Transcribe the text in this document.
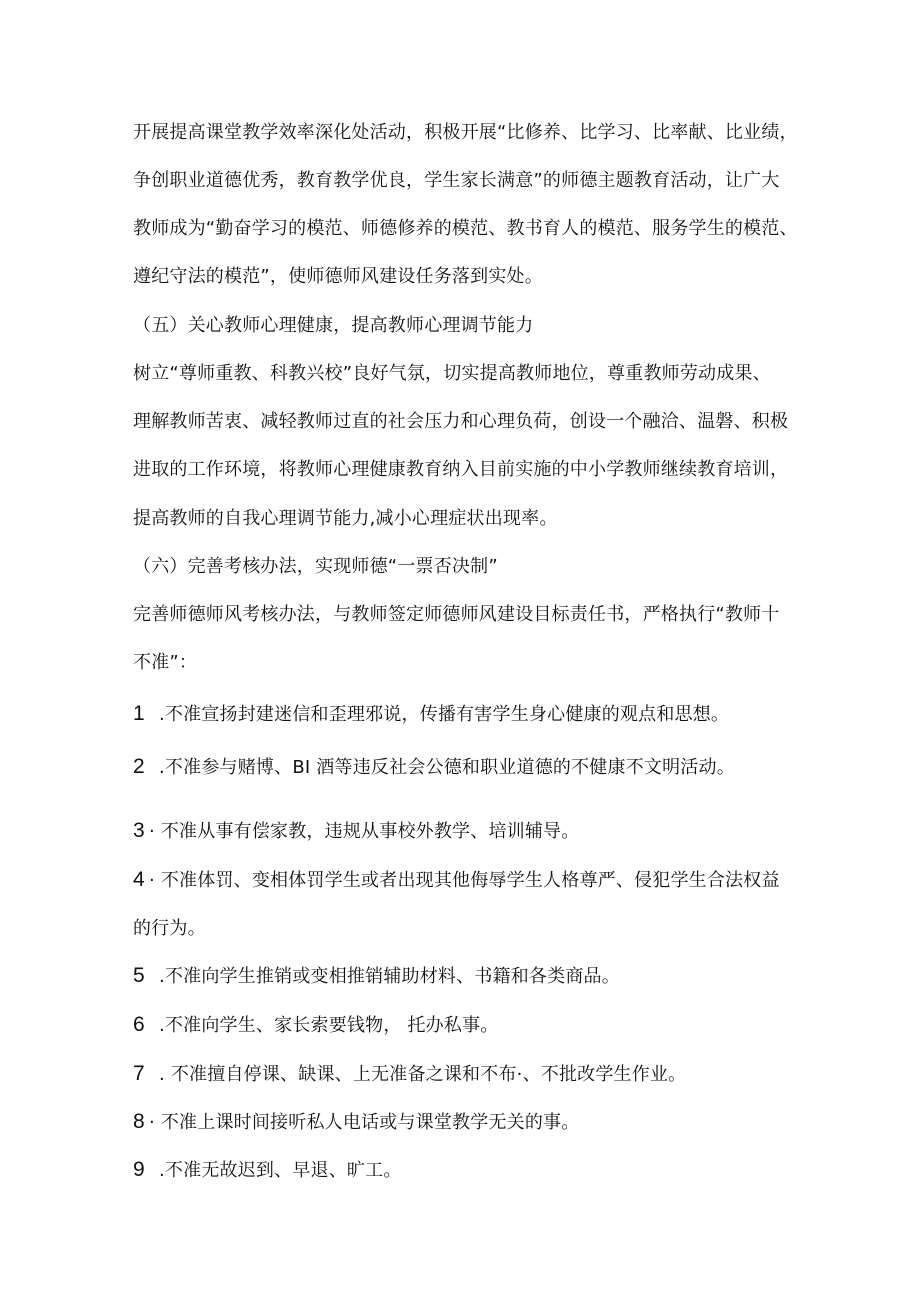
开展提高课堂教学效率深化处活动，积极开展“比修养、比学习、比率献、比业绩，
争创职业道德优秀，教育教学优良，学生家长满意”的师德主题教育活动，让广大
教师成为“勤奋学习的模范、师德修养的模范、教书育人的模范、服务学生的模范、
遵纪守法的模范”，使师德师风建设任务落到实处。
（五）关心教师心理健康，提高教师心理调节能力
树立“尊师重教、科教兴校”良好气氛，切实提高教师地位，尊重教师劳动成果、
理解教师苦衷、减轻教师过直的社会压力和心理负荷，创设一个融洽、温磐、积极
进取的工作环境，将教师心理健康教育纳入目前实施的中小学教师继续教育培训，
提高教师的自我心理调节能力,减小心理症状出现率。
（六）完善考核办法，实现师德“一票否决制”
完善师德师风考核办法，与教师签定师德师风建设目标责任书，严格执行“教师十
不准”：
1 .不准宣扬封建迷信和歪理邪说，传播有害学生身心健康的观点和思想。
2 .不准参与赌博、BI 酒等违反社会公德和职业道德的不健康不文明活动。
3 · 不准从事有偿家教，违规从事校外教学、培训辅导。
4 · 不准体罚、变相体罚学生或者出现其他侮辱学生人格尊严、侵犯学生合法权益
的行为。
5 .不准向学生推销或变相推销辅助材料、书籍和各类商品。
6 .不准向学生、家长索要钱物， 托办私事。
7 . 不准擅自停课、缺课、上无准备之课和不布·、不批改学生作业。
8 · 不准上课时间接听私人电话或与课堂教学无关的事。
9 .不准无故迟到、早退、旷工。
